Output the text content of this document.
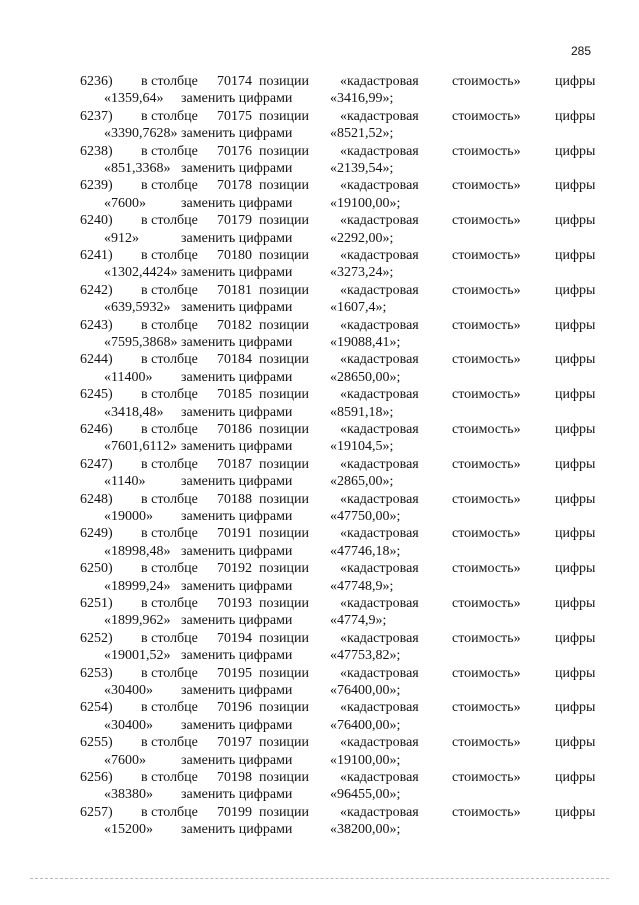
285
6236) в столбце 70174 позиции «кадастровая стоимость» цифры
«1359,64» заменить цифрами	«3416,99»;
6237) в столбце 70175 позиции «кадастровая стоимость» цифры
«3390,7628» заменить цифрами	«8521,52»;
6238) в столбце 70176 позиции «кадастровая стоимость» цифры
«851,3368» заменить цифрами	«2139,54»;
6239) в столбце 70178 позиции «кадастровая стоимость» цифры
«7600»	заменить цифрами	«19100,00»;
6240) в столбце 70179 позиции «кадастровая стоимость» цифры
«912»	заменить цифрами	«2292,00»;
6241) в столбце 70180 позиции «кадастровая стоимость» цифры
«1302,4424» заменить цифрами	«3273,24»;
6242) в столбце 70181 позиции «кадастровая стоимость» цифры
«639,5932» заменить цифрами	«1607,4»;
6243) в столбце 70182 позиции «кадастровая стоимость» цифры
«7595,3868» заменить цифрами	«19088,41»;
6244) в столбце 70184 позиции «кадастровая стоимость» цифры
«11400» заменить цифрами	«28650,00»;
6245) в столбце 70185 позиции «кадастровая стоимость» цифры
«3418,48» заменить цифрами	«8591,18»;
6246) в столбце 70186 позиции «кадастровая стоимость» цифры
«7601,6112» заменить цифрами	«19104,5»;
6247) в столбце 70187 позиции «кадастровая стоимость» цифры
«1140»	заменить цифрами	«2865,00»;
6248) в столбце 70188 позиции «кадастровая стоимость» цифры
«19000» заменить цифрами	«47750,00»;
6249) в столбце 70191 позиции «кадастровая стоимость» цифры
«18998,48» заменить цифрами	«47746,18»;
6250) в столбце 70192 позиции «кадастровая стоимость» цифры
«18999,24» заменить цифрами	«47748,9»;
6251) в столбце 70193 позиции «кадастровая стоимость» цифры
«1899,962» заменить цифрами	«4774,9»;
6252) в столбце 70194 позиции «кадастровая стоимость» цифры
«19001,52» заменить цифрами	«47753,82»;
6253) в столбце 70195 позиции «кадастровая стоимость» цифры
«30400» заменить цифрами	«76400,00»;
6254) в столбце 70196 позиции «кадастровая стоимость» цифры
«30400» заменить цифрами	«76400,00»;
6255) в столбце 70197 позиции «кадастровая стоимость» цифры
«7600»	заменить цифрами	«19100,00»;
6256) в столбце 70198 позиции «кадастровая стоимость» цифры
«38380» заменить цифрами	«96455,00»;
6257) в столбце 70199 позиции «кадастровая стоимость» цифры
«15200» заменить цифрами	«38200,00»;
